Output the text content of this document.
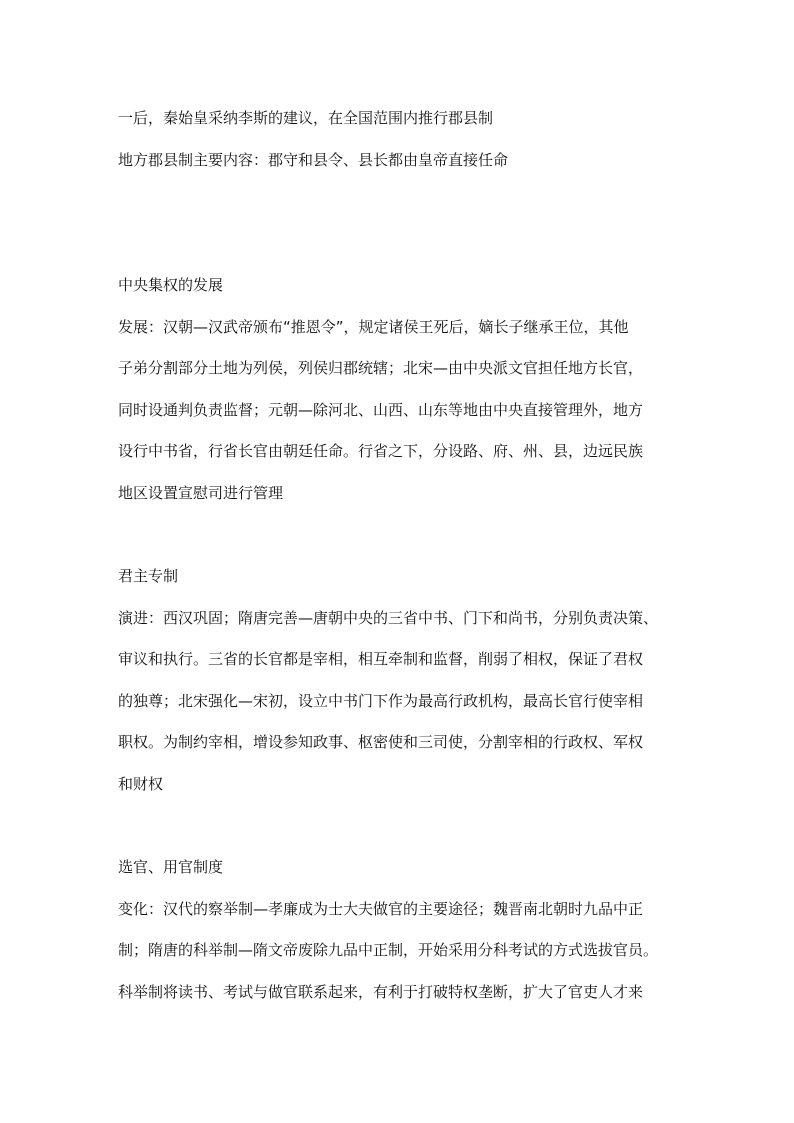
一后，秦始皇采纳李斯的建议，在全国范围内推行郡县制

地方郡县制主要内容：郡守和县令、县长都由皇帝直接任命

中央集权的发展

发展：汉朝—汉武帝颁布“推恩令”，规定诸侯王死后，嫡长子继承王位，其他

子弟分割部分土地为列侯，列侯归郡统辖；北宋—由中央派文官担任地方长官，

同时设通判负责监督；元朝—除河北、山西、山东等地由中央直接管理外，地方

设行中书省，行省长官由朝廷任命。行省之下，分设路、府、州、县，边远民族

地区设置宣慰司进行管理

君主专制

演进：西汉巩固；隋唐完善—唐朝中央的三省中书、门下和尚书，分别负责决策、

审议和执行。三省的长官都是宰相，相互牵制和监督，削弱了相权，保证了君权

的独尊；北宋强化—宋初，设立中书门下作为最高行政机构，最高长官行使宰相

职权。为制约宰相，增设参知政事、枢密使和三司使，分割宰相的行政权、军权

和财权

选官、用官制度

变化：汉代的察举制—孝廉成为士大夫做官的主要途径；魏晋南北朝时九品中正

制；隋唐的科举制—隋文帝废除九品中正制，开始采用分科考试的方式选拔官员。

科举制将读书、考试与做官联系起来，有利于打破特权垄断，扩大了官吏人才来
